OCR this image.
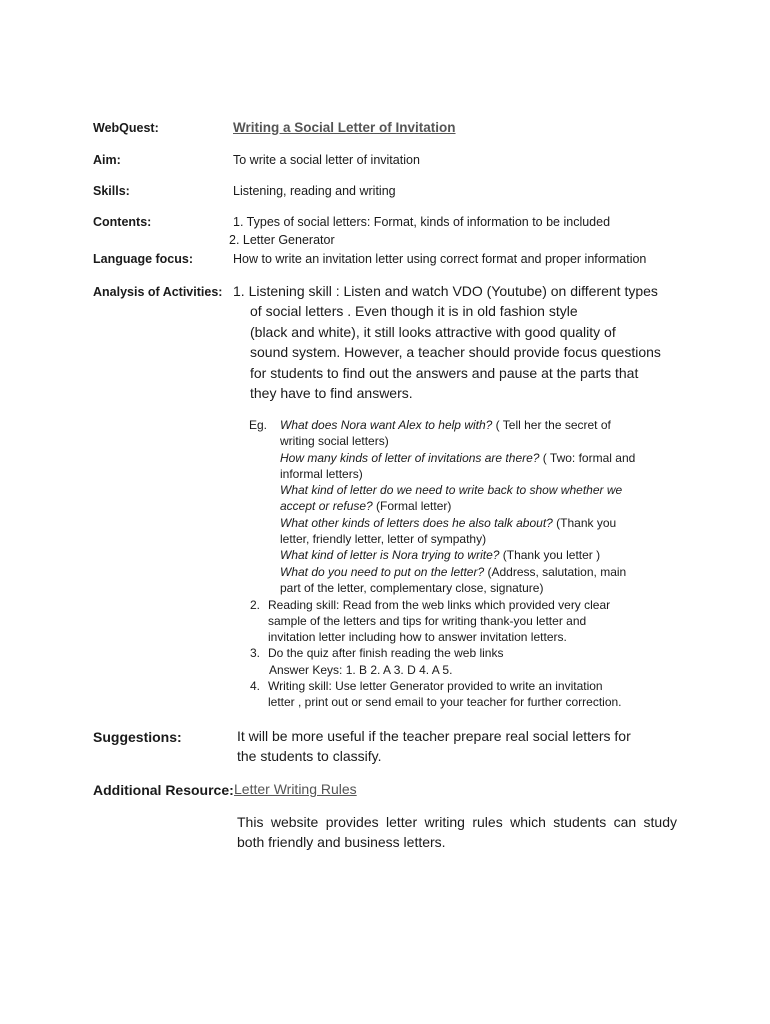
WebQuest:	Writing a Social Letter of Invitation
Aim:	To write a social letter of invitation
Skills:	Listening, reading and writing
Contents:	1. Types of social letters: Format, kinds of information to be included
2. Letter Generator
Language focus:	How to write an invitation letter using correct format and proper information
Analysis of Activities: 1. Listening skill : Listen and watch VDO (Youtube) on different types
of social letters . Even though it is in old fashion style
(black and white), it still looks attractive with good quality of
sound system. However, a teacher should provide focus questions
for students to find out the answers and pause at the parts that
they have to find answers.
Eg. What does Nora want Alex to help with? ( Tell her the secret of
writing social letters)
How many kinds of letter of invitations are there? ( Two: formal and
informal letters)
What kind of letter do we need to write back to show whether we
accept or refuse? (Formal letter)
What other kinds of letters does he also talk about? (Thank you
letter, friendly letter, letter of sympathy)
What kind of letter is Nora trying to write? (Thank you letter )
What do you need to put on the letter? (Address, salutation, main
part of the letter, complementary close, signature)
2. Reading skill: Read from the web links which provided very clear
sample of the letters and tips for writing thank-you letter and
invitation letter including how to answer invitation letters.
3. Do the quiz after finish reading the web links
Answer Keys: 1. B 2. A 3. D 4. A 5.
4. Writing skill: Use letter Generator provided to write an invitation
letter , print out or send email to your teacher for further correction.
Suggestions:	It will be more useful if the teacher prepare real social letters for
the students to classify.
Additional Resource: Letter Writing Rules
This website provides letter writing rules which students can study
both friendly and business letters.
